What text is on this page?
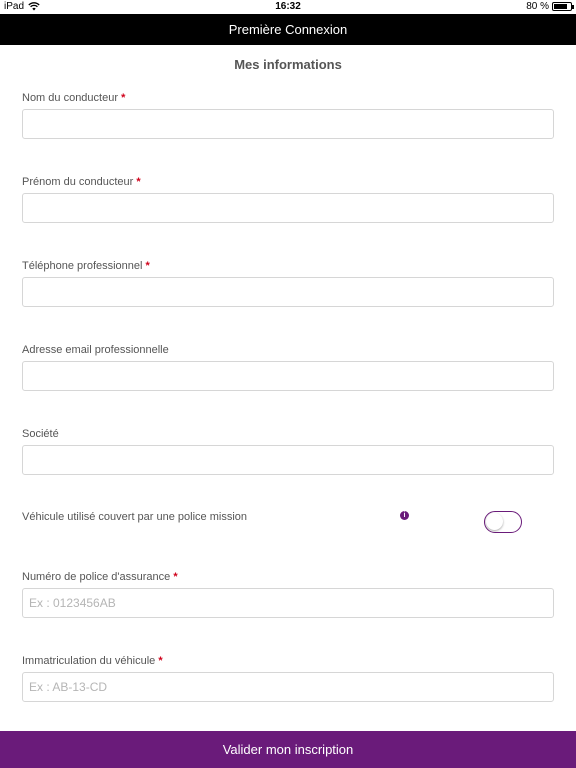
iPad	16:32	80 %
Première Connexion
Mes informations
Nom du conducteur *
Prénom du conducteur *
Téléphone professionnel *
Adresse email professionnelle
Société
Véhicule utilisé couvert par une police mission	i
Numéro de police d'assurance *
Ex : 0123456AB
Immatriculation du véhicule *
Ex : AB-13-CD
Valider mon inscription
